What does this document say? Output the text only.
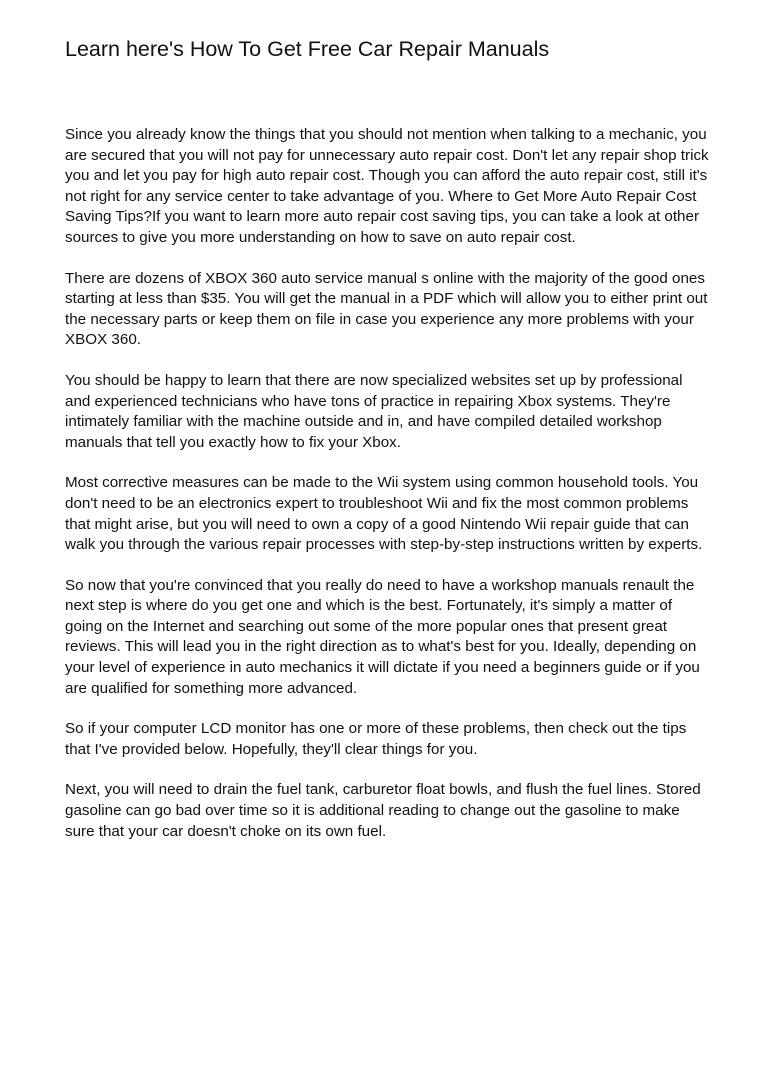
Learn here's How To Get Free Car Repair Manuals

Since you already know the things that you should not mention when talking to a mechanic, you are secured that you will not pay for unnecessary auto repair cost. Don't let any repair shop trick you and let you pay for high auto repair cost. Though you can afford the auto repair cost, still it's not right for any service center to take advantage of you. Where to Get More Auto Repair Cost Saving Tips?If you want to learn more auto repair cost saving tips, you can take a look at other sources to give you more understanding on how to save on auto repair cost.

There are dozens of XBOX 360 auto service manual s online with the majority of the good ones starting at less than $35. You will get the manual in a PDF which will allow you to either print out the necessary parts or keep them on file in case you experience any more problems with your XBOX 360.

You should be happy to learn that there are now specialized websites set up by professional and experienced technicians who have tons of practice in repairing Xbox systems. They're intimately familiar with the machine outside and in, and have compiled detailed workshop manuals that tell you exactly how to fix your Xbox.

Most corrective measures can be made to the Wii system using common household tools. You don't need to be an electronics expert to troubleshoot Wii and fix the most common problems that might arise, but you will need to own a copy of a good Nintendo Wii repair guide that can walk you through the various repair processes with step-by-step instructions written by experts.

So now that you're convinced that you really do need to have a workshop manuals renault the next step is where do you get one and which is the best. Fortunately, it's simply a matter of going on the Internet and searching out some of the more popular ones that present great reviews. This will lead you in the right direction as to what's best for you. Ideally, depending on your level of experience in auto mechanics it will dictate if you need a beginners guide or if you are qualified for something more advanced.

So if your computer LCD monitor has one or more of these problems, then check out the tips that I've provided below. Hopefully, they'll clear things for you.

Next, you will need to drain the fuel tank, carburetor float bowls, and flush the fuel lines. Stored gasoline can go bad over time so it is additional reading to change out the gasoline to make sure that your car doesn't choke on its own fuel.
